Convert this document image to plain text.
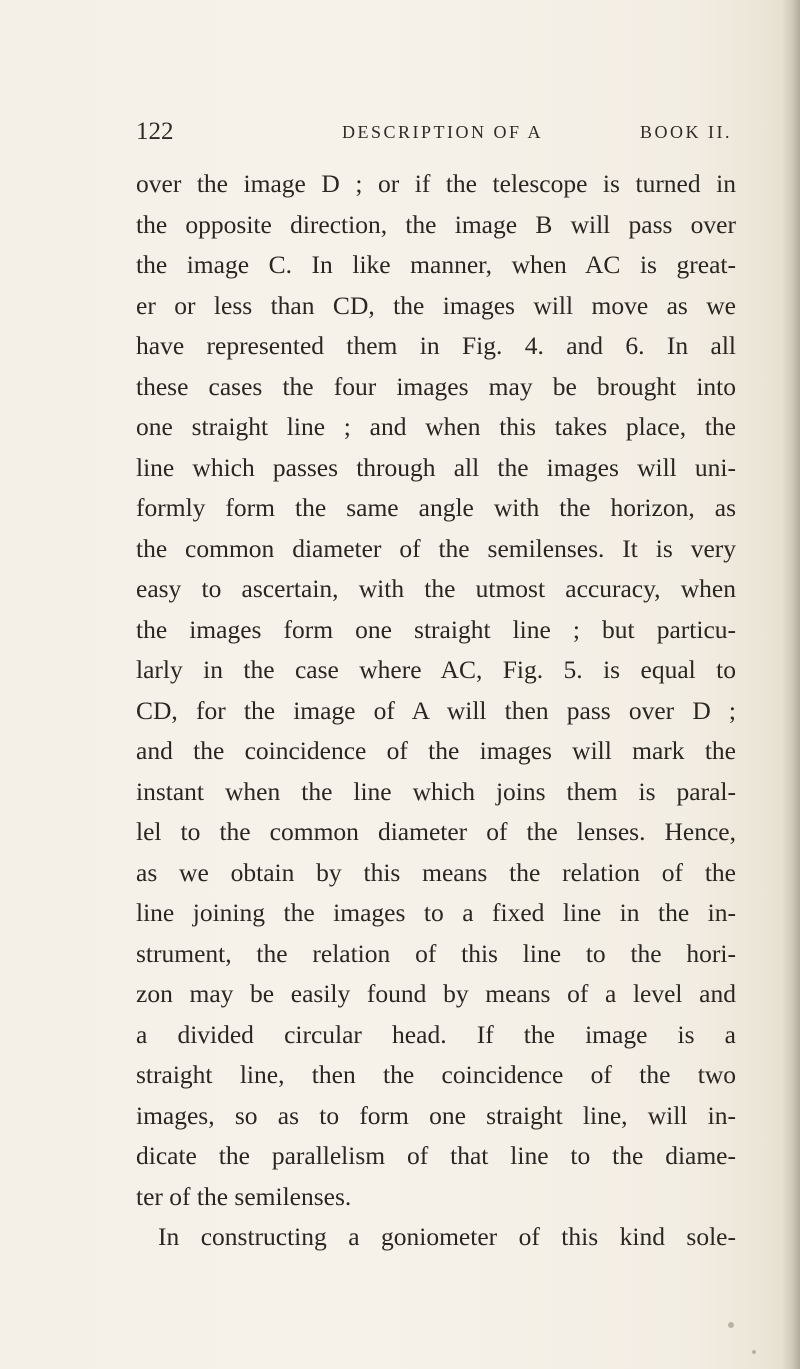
122	DESCRIPTION OF A	BOOK II.
over the image D ; or if the telescope is turned in
the opposite direction, the image B will pass over
the image C. In like manner, when AC is great-
er or less than CD, the images will move as we
have represented them in Fig. 4. and 6. In all
these cases the four images may be brought into
one straight line ; and when this takes place, the
line which passes through all the images will uni-
formly form the same angle with the horizon, as
the common diameter of the semilenses. It is very
easy to ascertain, with the utmost accuracy, when
the images form one straight line ; but particu-
larly in the case where AC, Fig. 5. is equal to
CD, for the image of A will then pass over D ;
and the coincidence of the images will mark the
instant when the line which joins them is paral-
lel to the common diameter of the lenses. Hence,
as we obtain by this means the relation of the
line joining the images to a fixed line in the in-
strument, the relation of this line to the hori-
zon may be easily found by means of a level and
a divided circular head. If the image is a
straight line, then the coincidence of the two
images, so as to form one straight line, will in-
dicate the parallelism of that line to the diame-
ter of the semilenses.
In constructing a goniometer of this kind sole-
